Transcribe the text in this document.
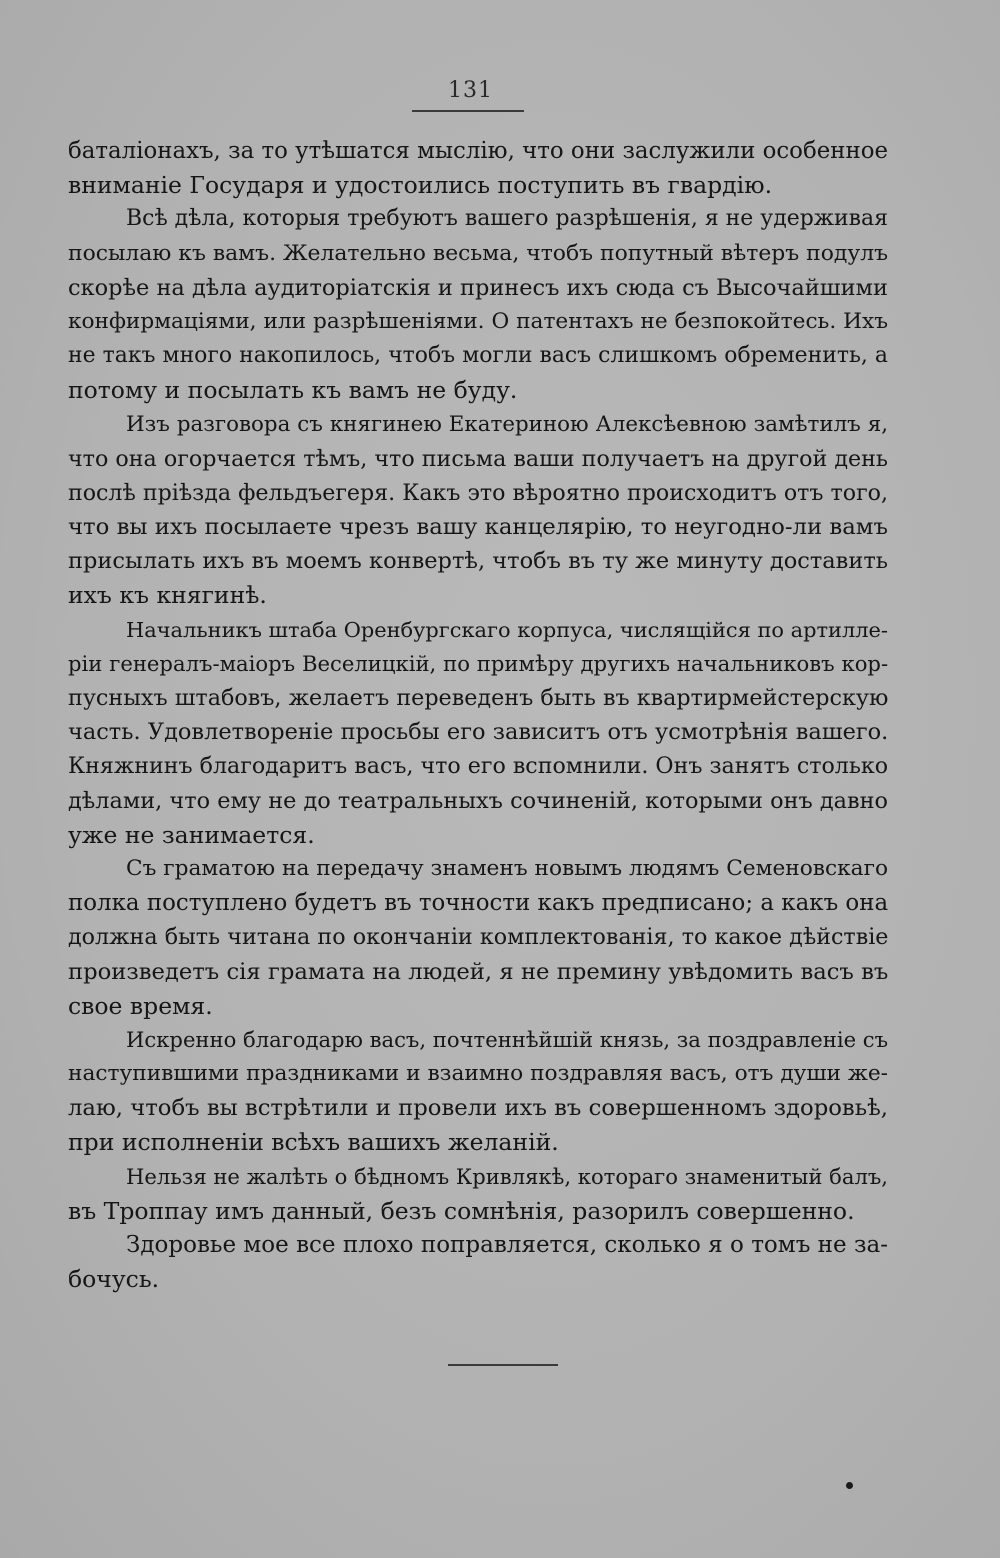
131
баталіонахъ, за то утѣшатся мыслію, что они заслужили особенное
вниманіе Государя и удостоились поступить въ гвардію.
Всѣ дѣла, которыя требуютъ вашего разрѣшенія, я не удерживая
посылаю къ вамъ. Желательно весьма, чтобъ попутный вѣтеръ подулъ
скорѣе на дѣла аудиторіатскія и принесъ ихъ сюда съ Высочайшими
конфирмаціями, или разрѣшеніями. О патентахъ не безпокойтесь. Ихъ
не такъ много накопилось, чтобъ могли васъ слишкомъ обременить, а
потому и посылать къ вамъ не буду.
Изъ разговора съ княгинею Екатериною Алексѣевною замѣтилъ я,
что она огорчается тѣмъ, что письма ваши получаетъ на другой день
послѣ пріѣзда фельдъегеря. Какъ это вѣроятно происходитъ отъ того,
что вы ихъ посылаете чрезъ вашу канцелярію, то неугодно-ли вамъ
присылать ихъ въ моемъ конвертѣ, чтобъ въ ту же минуту доставить
ихъ къ княгинѣ.
Начальникъ штаба Оренбургскаго корпуса, числящійся по артилле-
ріи генералъ-маіоръ Веселицкій, по примѣру другихъ начальниковъ кор-
пусныхъ штабовъ, желаетъ переведенъ быть въ квартирмейстерскую
часть. Удовлетвореніе просьбы его зависитъ отъ усмотрѣнія вашего.
Княжнинъ благодаритъ васъ, что его вспомнили. Онъ занятъ столько
дѣлами, что ему не до театральныхъ сочиненій, которыми онъ давно
уже не занимается.
Съ граматою на передачу знаменъ новымъ людямъ Семеновскаго
полка поступлено будетъ въ точности какъ предписано; а какъ она
должна быть читана по окончаніи комплектованія, то какое дѣйствіе
произведетъ сія грамата на людей, я не премину увѣдомить васъ въ
свое время.
Искренно благодарю васъ, почтеннѣйшій князь, за поздравленіе съ
наступившими праздниками и взаимно поздравляя васъ, отъ души же-
лаю, чтобъ вы встрѣтили и провели ихъ въ совершенномъ здоровьѣ,
при исполненіи всѣхъ вашихъ желаній.
Нельзя не жалѣть о бѣдномъ Кривлякѣ, котораго знаменитый балъ,
въ Троппау имъ данный, безъ сомнѣнія, разорилъ совершенно.
Здоровье мое все плохо поправляется, сколько я о томъ не за-
бочусь.
